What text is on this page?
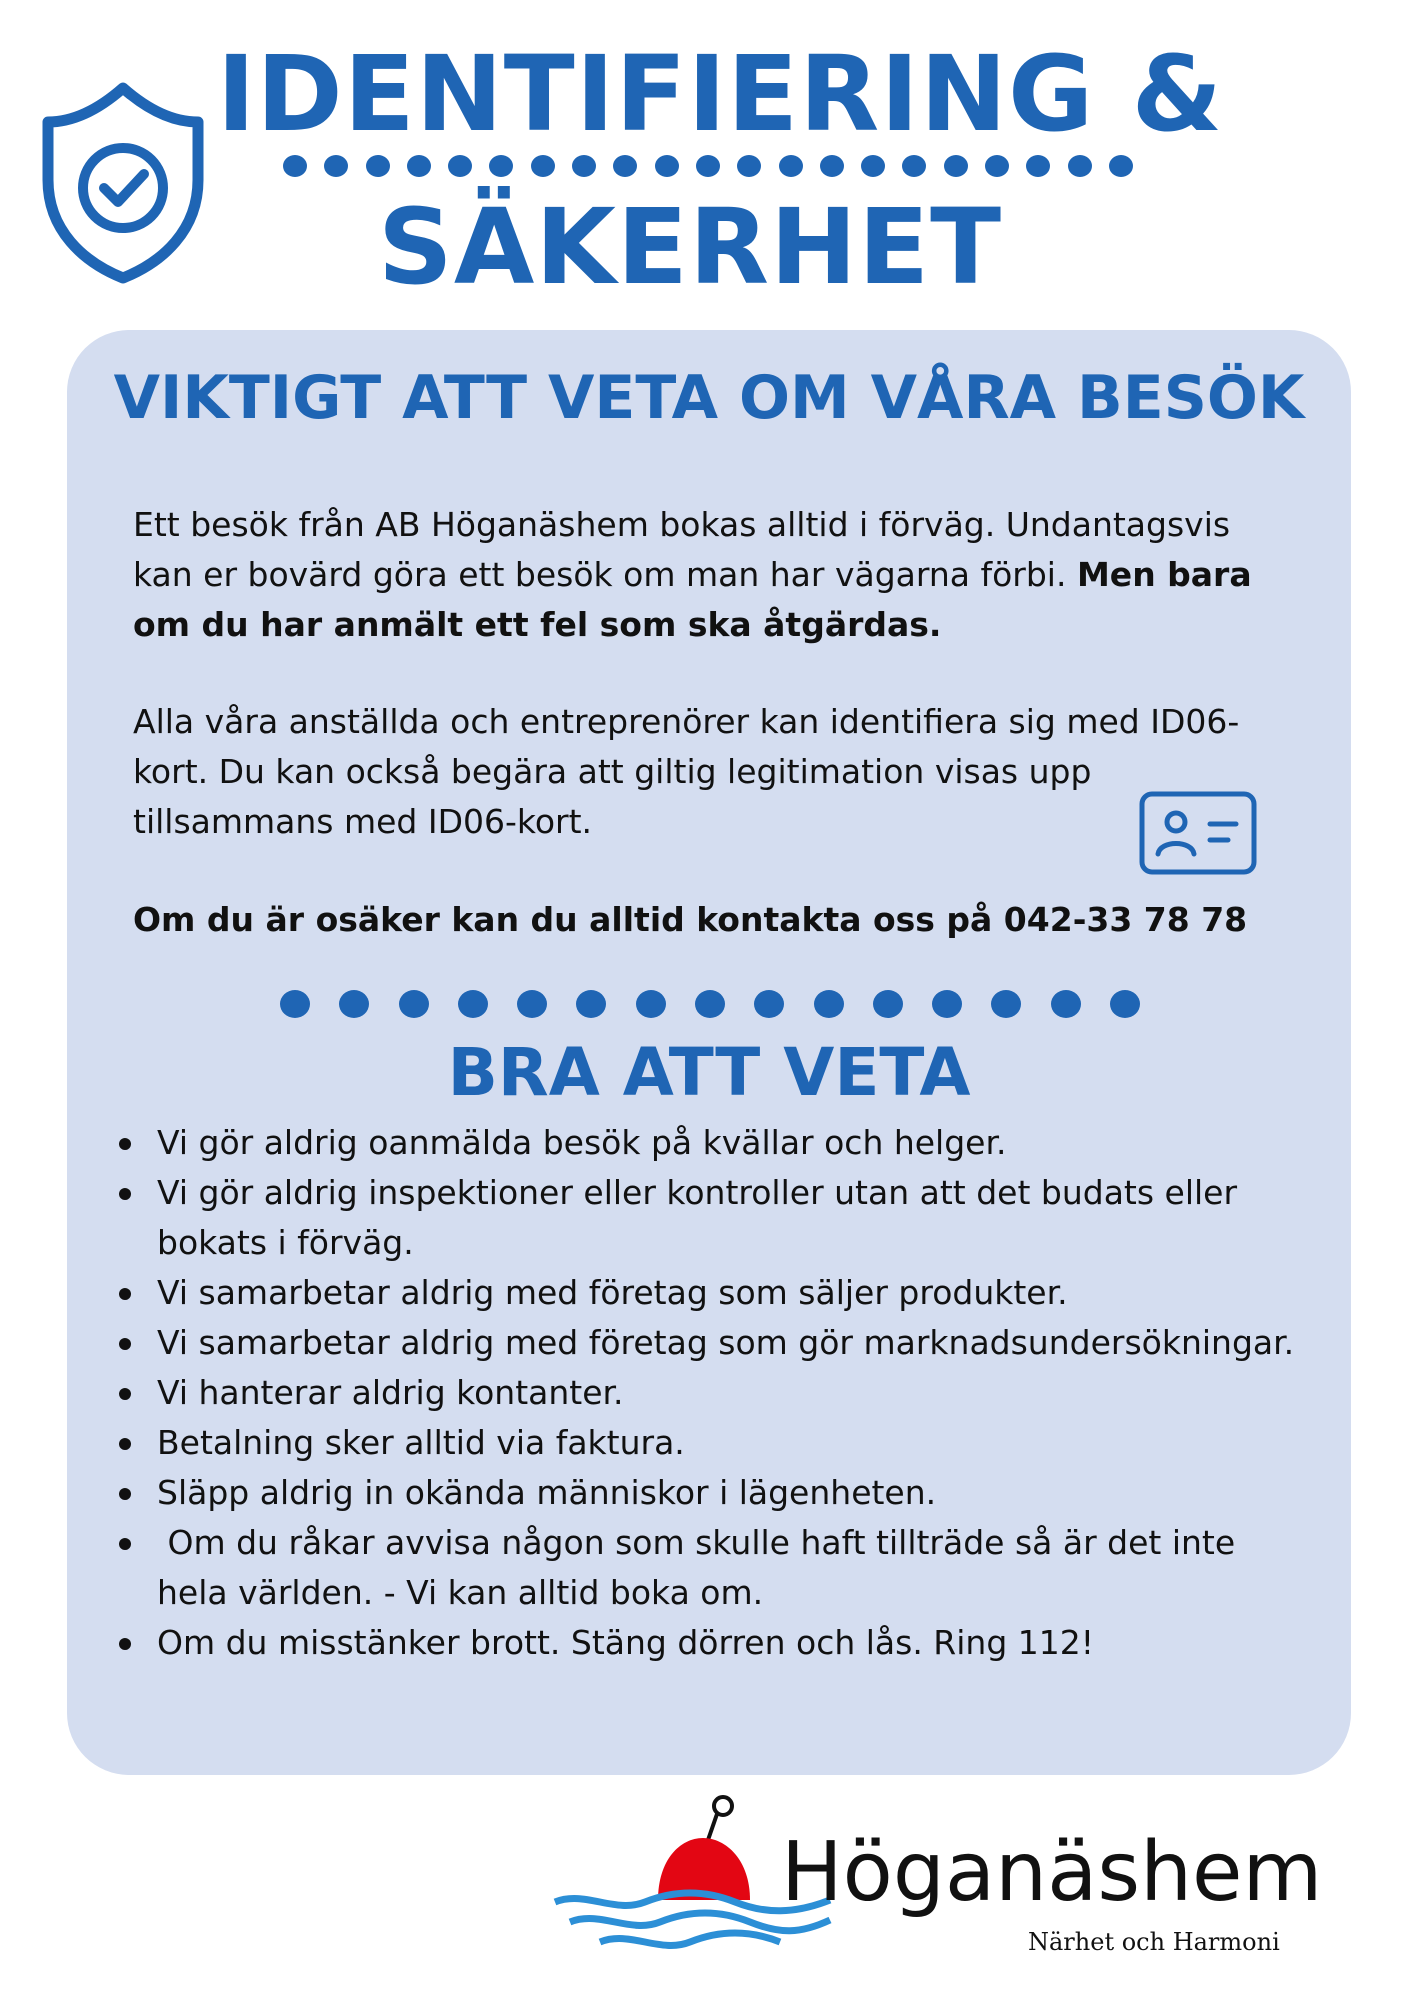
IDENTIFIERING &
SÄKERHET
VIKTIGT ATT VETA OM VÅRA BESÖK

Ett besök från AB Höganäshem bokas alltid i förväg. Undantagsvis kan er bovärd göra ett besök om man har vägarna förbi. Men bara om du har anmält ett fel som ska åtgärdas.

Alla våra anställda och entreprenörer kan identifiera sig med ID06-kort. Du kan också begära att giltig legitimation visas upp tillsammans med ID06-kort.

Om du är osäker kan du alltid kontakta oss på 042-33 78 78

BRA ATT VETA
Vi gör aldrig oanmälda besök på kvällar och helger.
Vi gör aldrig inspektioner eller kontroller utan att det budats eller bokats i förväg.
Vi samarbetar aldrig med företag som säljer produkter.
Vi samarbetar aldrig med företag som gör marknadsundersökningar.
Vi hanterar aldrig kontanter.
Betalning sker alltid via faktura.
Släpp aldrig in okända människor i lägenheten.
Om du råkar avvisa någon som skulle haft tillträde så är det inte hela världen. - Vi kan alltid boka om.
Om du misstänker brott. Stäng dörren och lås. Ring 112!

Höganäshem

Närhet och Harmoni
